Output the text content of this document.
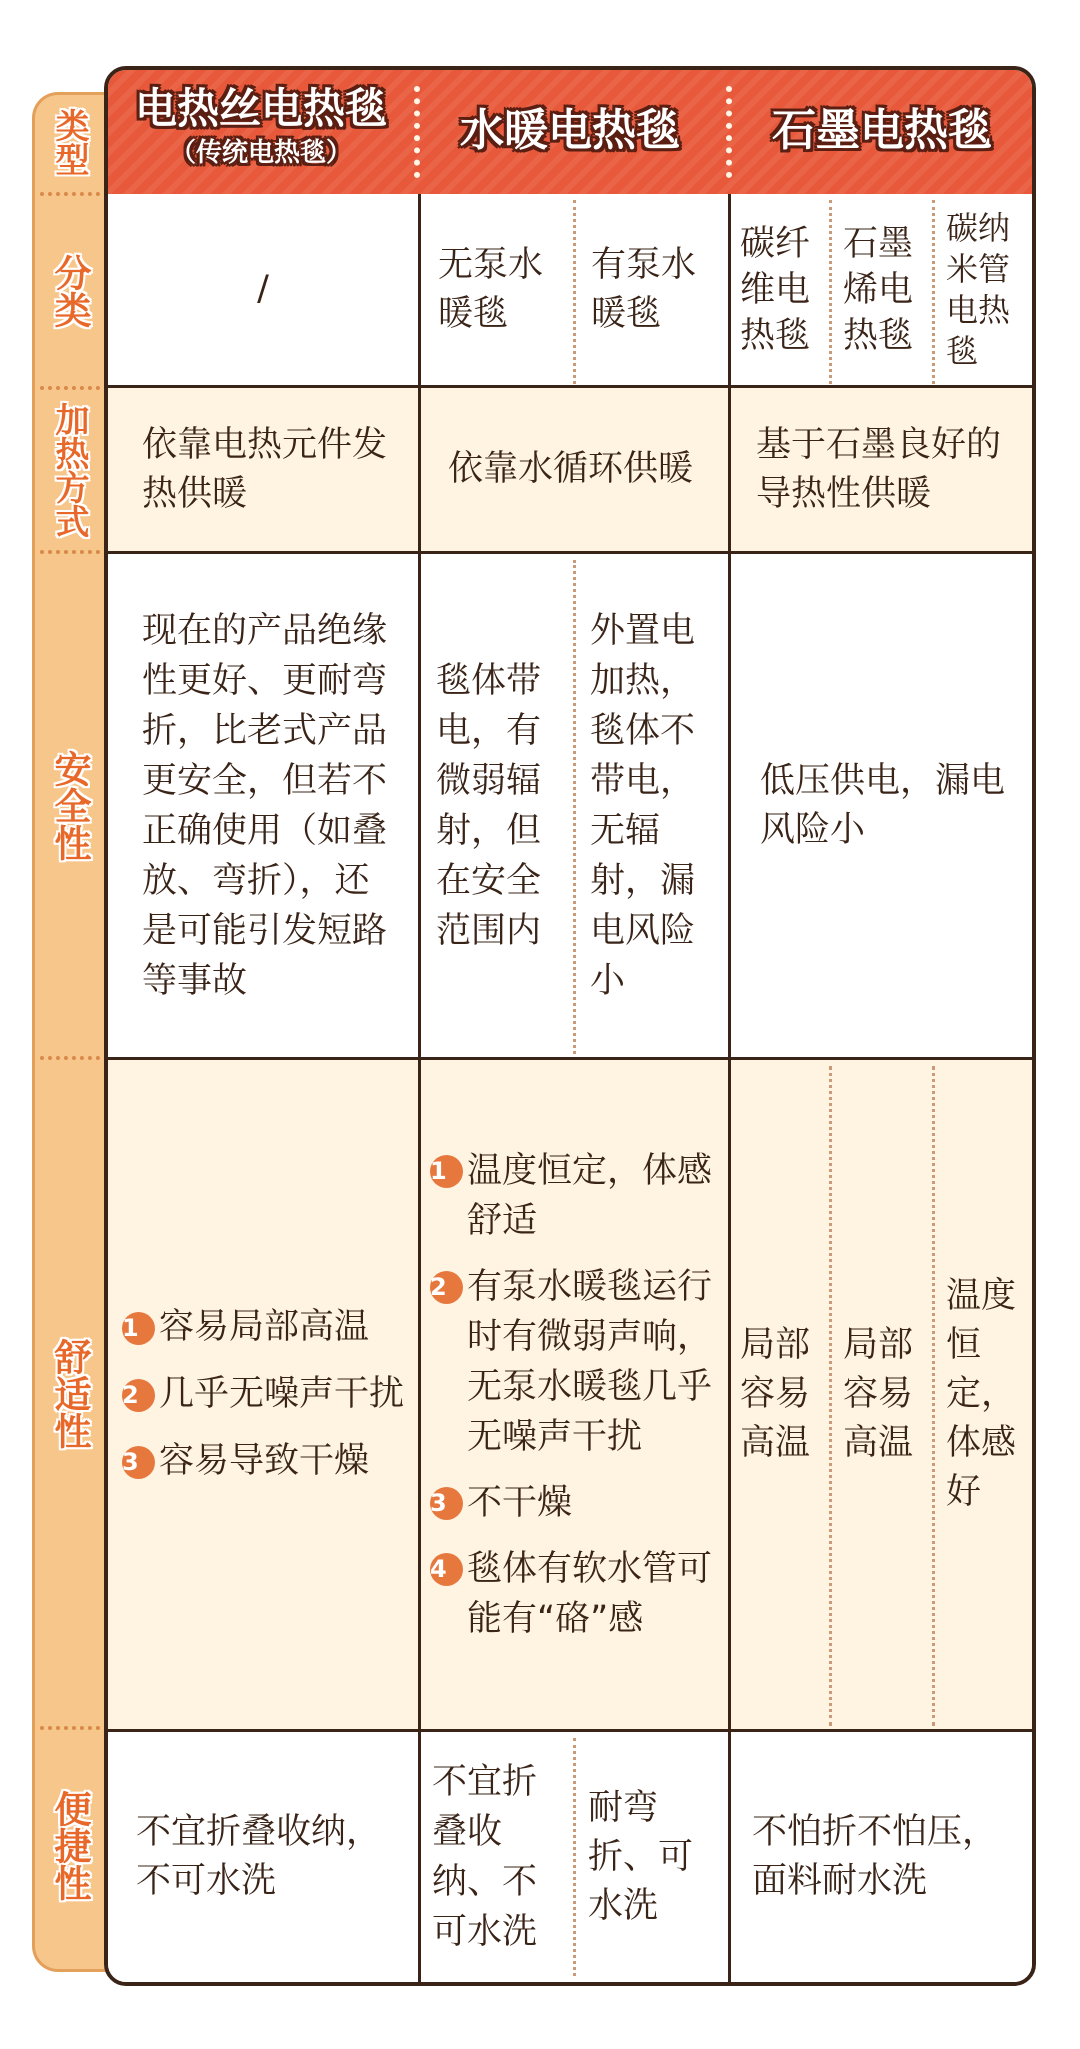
类型
分类
加热方式
安全性
舒适性
便捷性
电热丝电热毯
（传统电热毯）	水暖电热毯	石墨电热毯
/
无泵水暖毯
有泵水暖毯
碳纤维电热毯
石墨烯电热毯
碳纳米管电热毯
依靠电热元件发热供暖
依靠水循环供暖
基于石墨良好的导热性供暖
现在的产品绝缘性更好、更耐弯折，比老式产品更安全，但若不正确使用（如叠放、弯折），还是可能引发短路等事故
毯体带电，有微弱辐射，但在安全范围内
外置电加热，毯体不带电，无辐射，漏电风险小
低压供电，漏电风险小
1 容易局部高温
2 几乎无噪声干扰
3 容易导致干燥
1 温度恒定，体感舒适
2 有泵水暖毯运行时有微弱声响，无泵水暖毯几乎无噪声干扰
3 不干燥
4 毯体有软水管可能有“硌”感
局部容易高温
局部容易高温
温度恒定，体感好
不宜折叠收纳，不可水洗
不宜折叠收纳、不可水洗
耐弯折、可水洗
不怕折不怕压，面料耐水洗
